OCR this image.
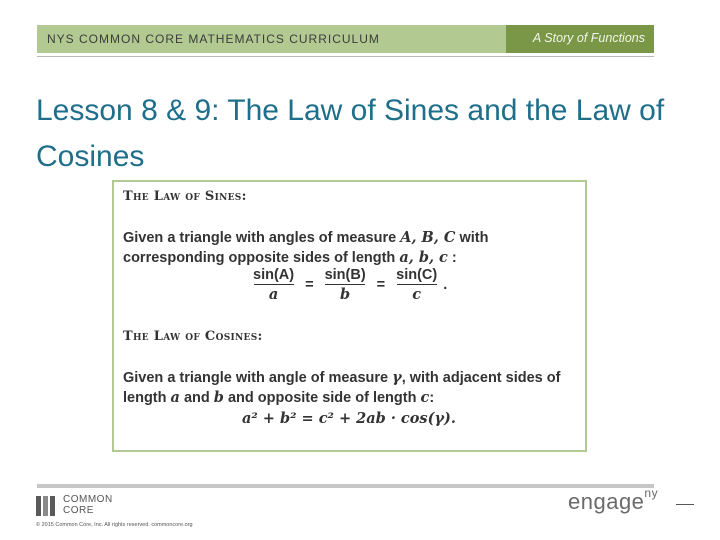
NYS COMMON CORE MATHEMATICS CURRICULUM	A Story of Functions
Lesson 8 & 9: The Law of Sines and the Law of Cosines
The Law of Sines:
Given a triangle with angles of measure A, B, C with corresponding opposite sides of length a, b, c :
$\frac{\sin(A)}{a} = \frac{\sin(B)}{b} = \frac{\sin(C)}{c}$ .
The Law of Cosines:
Given a triangle with angle of measure γ, with adjacent sides of length a and b and opposite side of length c:
a² + b² = c² + 2ab · cos(γ).
COMMON
CORE
© 2015 Common Core, Inc. All rights reserved. commoncore.org
engage$^{ny}$
